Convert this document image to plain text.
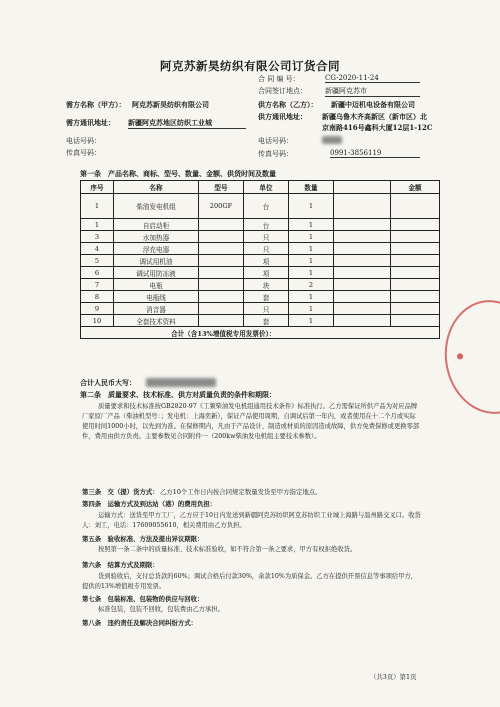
阿克苏新昊纺织有限公司订货合同
合 同 编 号：	CG-2020-11-24
合同签订地点：	新疆阿克苏市
需方名称（甲方）： 阿克苏新昊纺织有限公司	供方名称（乙方）： 新疆中迈机电设备有限公司
需方通讯地址： 新疆阿克苏地区纺织工业城
供方通讯地址： 新疆乌鲁木齐高新区（新市区）北
京南路416号鑫科大厦12层1-12C
电话号码：
传真号码：
电话号码：
传真号码：	0991-3856119
第一条　产品名称、商标、型号、数量、金额、供货时间及数量
序号	名称	型号	单位	数量		金额
1	柴油发电机组	200GF	台	1		
1	自启动柜		台	1		
3	水加热器		只	1		
4	浮充电器		只	1		
5	调试用机油		项	1		
6	调试用防冻液		项	1		
7	电瓶		块	2		
8	电瓶线		套	1		
9	消音器		只	1		
10	全套技术资料		套	1		
合计（含13%增值税专用发票价）：						
合计人民币大写：
第二条　质量要求、技术标准、供方对质量负责的条件和期限：
质量要求和技术标准按GB2820-97《工频柴油发电机组通用技术条件》标准执行。乙方需保证所供产品为对应品牌厂家原厂产品（柴油机型号：；发电机：上海奕新），保证产品使用周期，自调试后第一年内，或者使用在十二个月或实际使用时间1000小时，以先到为准。在保修期内，凡由于产品设计、制造或材质的原因造成故障，供方免费保修或更换零部件，费用由供方负责。主要参数见合同附件一（200kw柴油发电机组主要技术参数）。
第三条　交（提）货方式： 乙方10个工作日内按合同规定数量发货至甲方指定地点。
第四条　运输方式及到达站（港）的费用负担：
运输方式：送货至甲方工厂，乙方应于10日内发送到新疆阿克苏纺织阿克苏纺织工业城上海路与温州路交叉口。收货人：刘工，电话：17609055610，相关费用由乙方负担。
第五条　验收标准、方法及提出异议期限：
按照第一条二条中的质量标准、技术标准验收，如不符合第一条之要求，甲方有权拒绝收货。
第六条　结算方式及期限：
货到验收后，支付总货款的60%；调试合格后付款30%，余款10%为质保金。乙方在提供开票信息等事项给甲方，提供的13%增值税专用发票。
第七条　包装标准、包装物的供应与回收：
标准包装，包装不回收，包装费由乙方承担。
第八条　违约责任及解决合同纠纷方式：
（共3页）第1页
●
